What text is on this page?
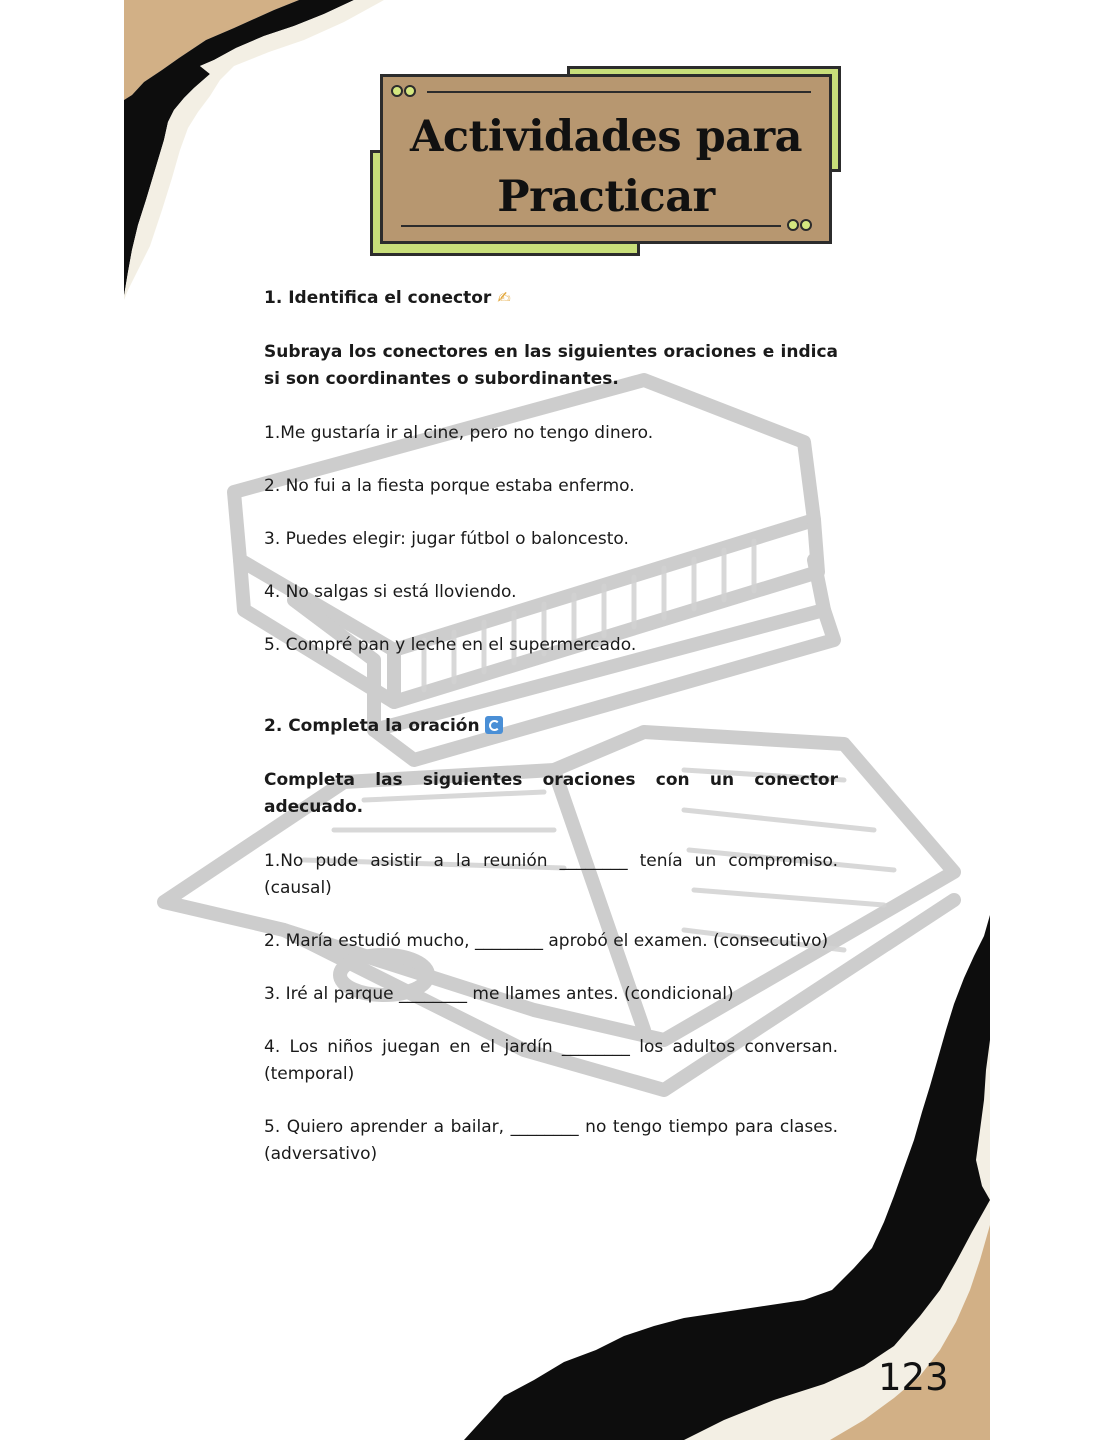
Actividades para
Practicar

1. Identifica el conector ✍

Subraya los conectores en las siguientes oraciones e indica si son coordinantes o subordinantes.

1.Me gustaría ir al cine, pero no tengo dinero.

2. No fui a la fiesta porque estaba enfermo.

3. Puedes elegir: jugar fútbol o baloncesto.

4. No salgas si está lloviendo.

5. Compré pan y leche en el supermercado.

2. Completa la oración

Completa las siguientes oraciones con un conector adecuado.

1.No pude asistir a la reunión ________ tenía un compromiso. (causal)

2. María estudió mucho, ________ aprobó el examen. (consecutivo)

3. Iré al parque ________ me llames antes. (condicional)

4. Los niños juegan en el jardín ________ los adultos conversan. (temporal)

5. Quiero aprender a bailar, ________ no tengo tiempo para clases. (adversativo)

123
